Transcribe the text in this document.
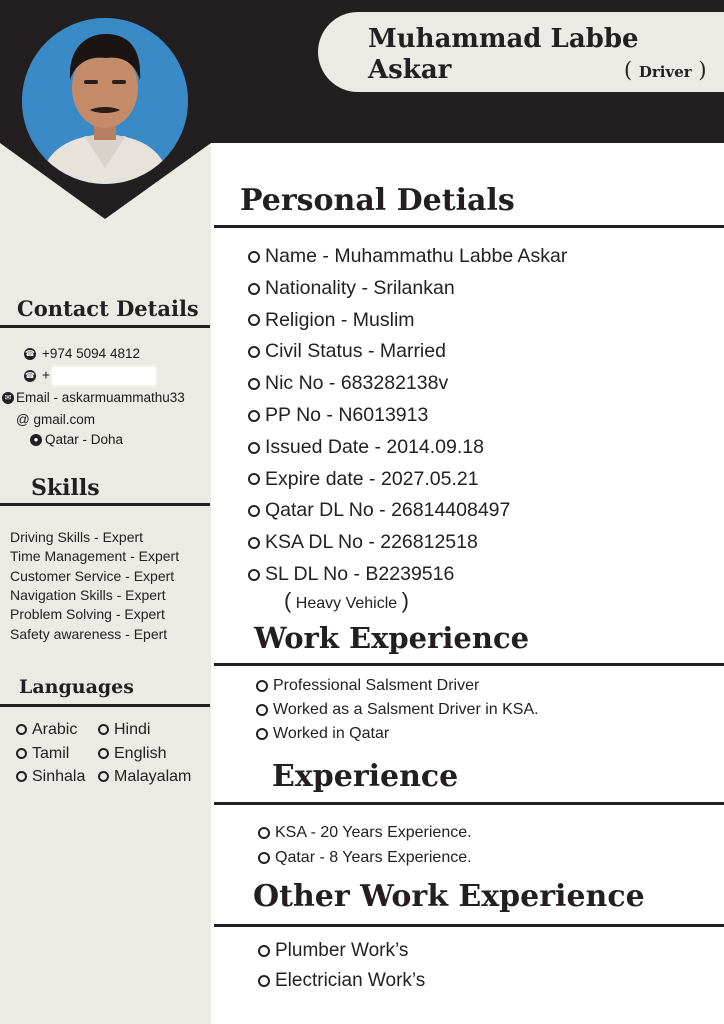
Muhammad Labbe
Askar	( Driver )
Contact Details
☎ +974 5094 4812
☎ +
✉ Email - askarmuammathu33
@ gmail.com
● Qatar - Doha
Skills
Driving Skills - Expert
Time Management - Expert
Customer Service - Expert
Navigation Skills - Expert
Problem Solving - Expert
Safety awareness - Epert
Languages
Arabic	Hindi
Tamil	English
Sinhala	Malayalam
Personal Detials
Name - Muhammathu Labbe Askar
Nationality - Srilankan
Religion - Muslim
Civil Status - Married
Nic No - 683282138v
PP No - N6013913
Issued Date - 2014.09.18
Expire date - 2027.05.21
Qatar DL No - 26814408497
KSA DL No - 226812518
SL DL No - B2239516
( Heavy Vehicle )
Work Experience
Professional Salsment Driver
Worked as a Salsment Driver in KSA.
Worked in Qatar
Experience
KSA - 20 Years Experience.
Qatar - 8 Years Experience.
Other Work Experience
Plumber Work’s
Electrician Work’s
